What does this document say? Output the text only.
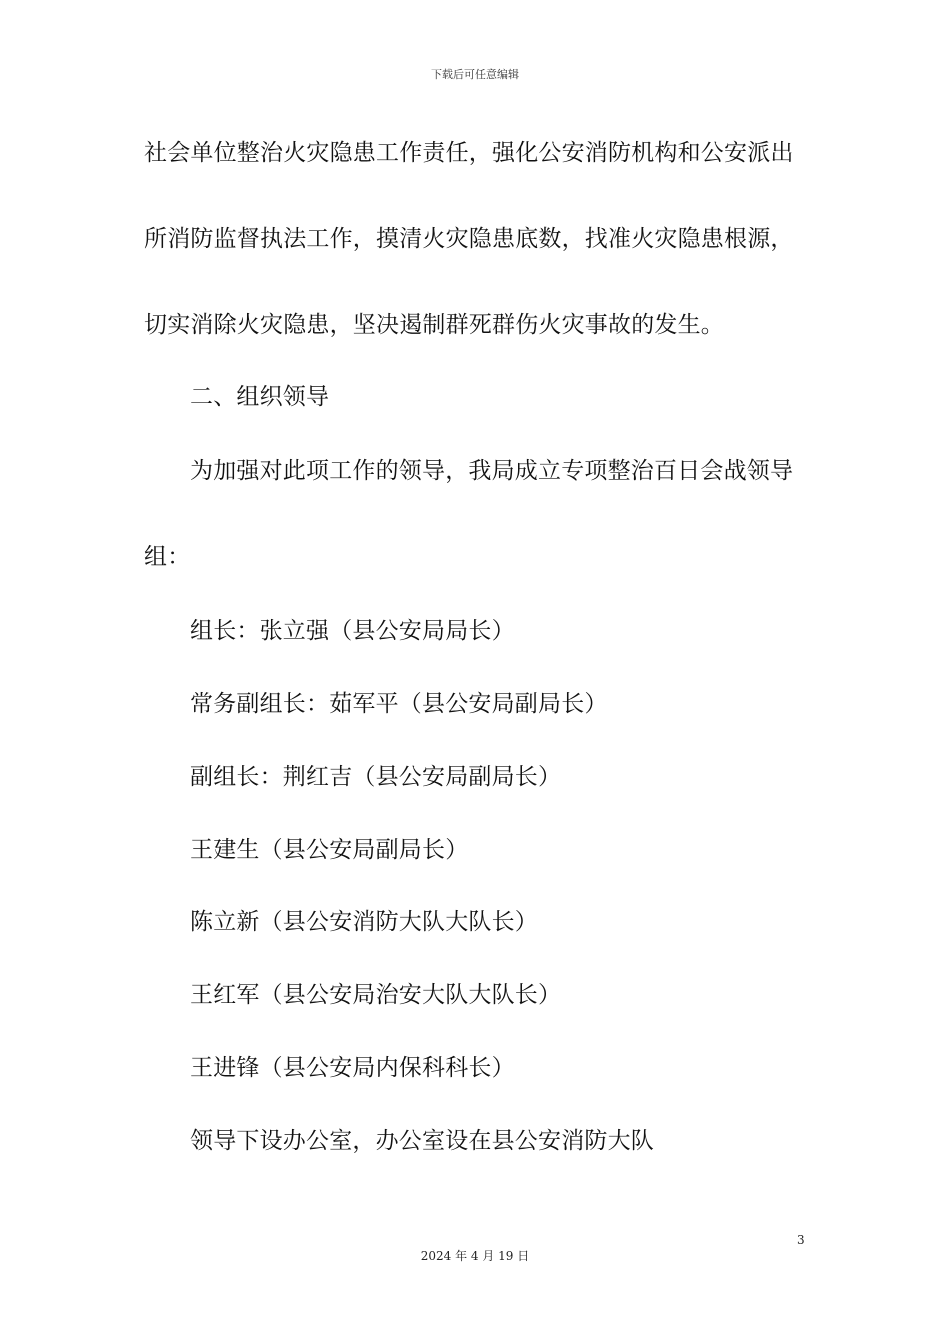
下载后可任意编辑
社会单位整治火灾隐患工作责任，强化公安消防机构和公安派出
所消防监督执法工作，摸清火灾隐患底数，找准火灾隐患根源，
切实消除火灾隐患，坚决遏制群死群伤火灾事故的发生。
二、组织领导
为加强对此项工作的领导，我局成立专项整治百日会战领导
组：
组长：张立强（县公安局局长）
常务副组长：茹军平（县公安局副局长）
副组长：荆红吉（县公安局副局长）
王建生（县公安局副局长）
陈立新（县公安消防大队大队长）
王红军（县公安局治安大队大队长）
王进锋（县公安局内保科科长）
领导下设办公室，办公室设在县公安消防大队
3
2024 年 4 月 19 日
